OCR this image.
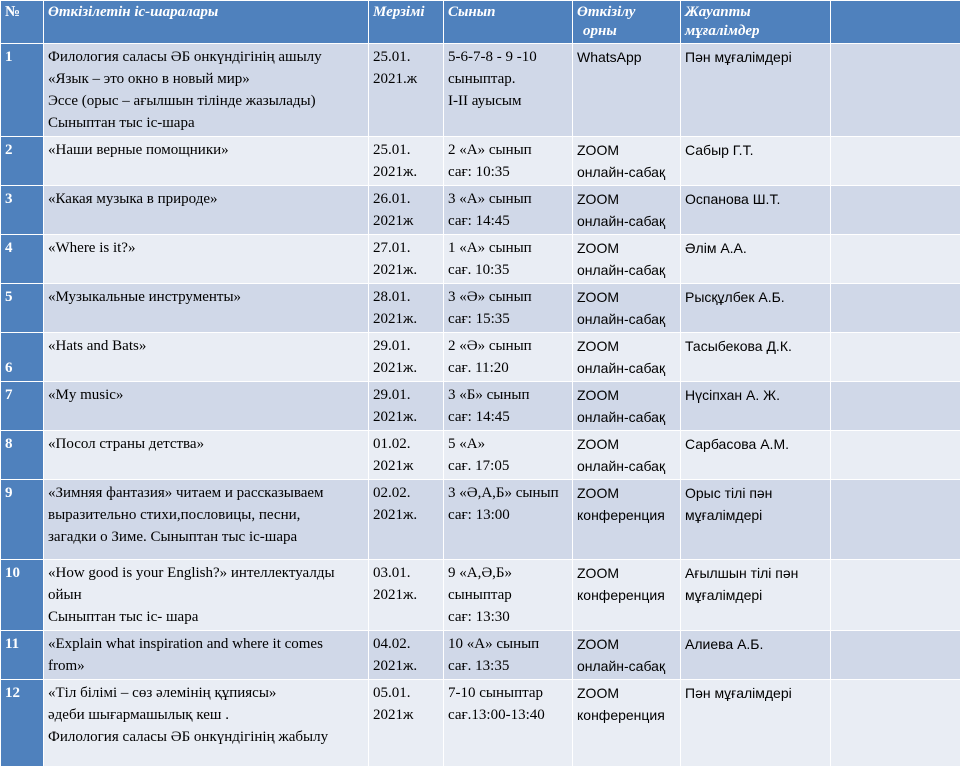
№	Өткізілетін іс-шаралары	Мерзімі	Сынып	Өткізілу
орны	Жауапты
мұғалімдер	

1	Филология саласы ӘБ онкүндігінің ашылу
«Язык – это окно в новый мир»
Эссе (орыс – ағылшын тілінде жазылады)
Сыныптан тыс іс-шара	25.01.
2021.ж	5-6-7-8 - 9 -10
сыныптар.
I-II ауысым	WhatsApp	Пән мұғалімдері	

2	«Наши верные помощники»	25.01.
2021ж.	2 «А» сынып
сағ: 10:35	ZOOM
онлайн-сабақ	Сабыр Г.Т.	

3	«Какая музыка в природе»	26.01.
2021ж	3 «А» сынып
сағ: 14:45	ZOOM
онлайн-сабақ	Оспанова Ш.Т.	

4	«Where is it?»	27.01.
2021ж.	1 «А» сынып
сағ. 10:35	ZOOM
онлайн-сабақ	Әлім А.А.	

5	«Музыкальные инструменты»	28.01.
2021ж.	3 «Ә» сынып
сағ: 15:35	ZOOM
онлайн-сабақ	Рысқұлбек А.Б.	

6	«Hats and Bats»	29.01.
2021ж.	2 «Ә» сынып
сағ. 11:20	ZOOM
онлайн-сабақ	Тасыбекова Д.К.	

7	«My music»	29.01.
2021ж.	3 «Б» сынып
сағ: 14:45	ZOOM
онлайн-сабақ	Нүсіпхан А. Ж.	

8	«Посол страны детства»	01.02.
2021ж	5 «А»
сағ. 17:05	ZOOM
онлайн-сабақ	Сарбасова А.М.	

9	«Зимняя фантазия» читаем и рассказываем
выразительно стихи,пословицы, песни,
загадки о Зиме. Сыныптан тыс іс-шара	02.02.
2021ж.	3 «Ә,А,Б» сынып
сағ: 13:00	ZOOM
конференция	Орыс тілі пән
мұғалімдері	

10	«How good is your English?» интеллектуалды
ойын
Сыныптан тыс іс- шара	03.01.
2021ж.	9 «А,Ә,Б»
сыныптар
сағ: 13:30	ZOOM
конференция	Ағылшын тілі пән
мұғалімдері	

11	«Explain what inspiration and where it comes
from»	04.02.
2021ж.	10 «А» сынып
сағ. 13:35	ZOOM
онлайн-сабақ	Алиева А.Б.	

12	«Тіл білімі – сөз әлемінің құпиясы»
әдеби шығармашылық кеш .
Филология саласы ӘБ онкүндігінің жабылу	05.01.
2021ж	7-10 сыныптар
сағ.13:00-13:40	ZOOM
конференция	Пән мұғалімдері	
